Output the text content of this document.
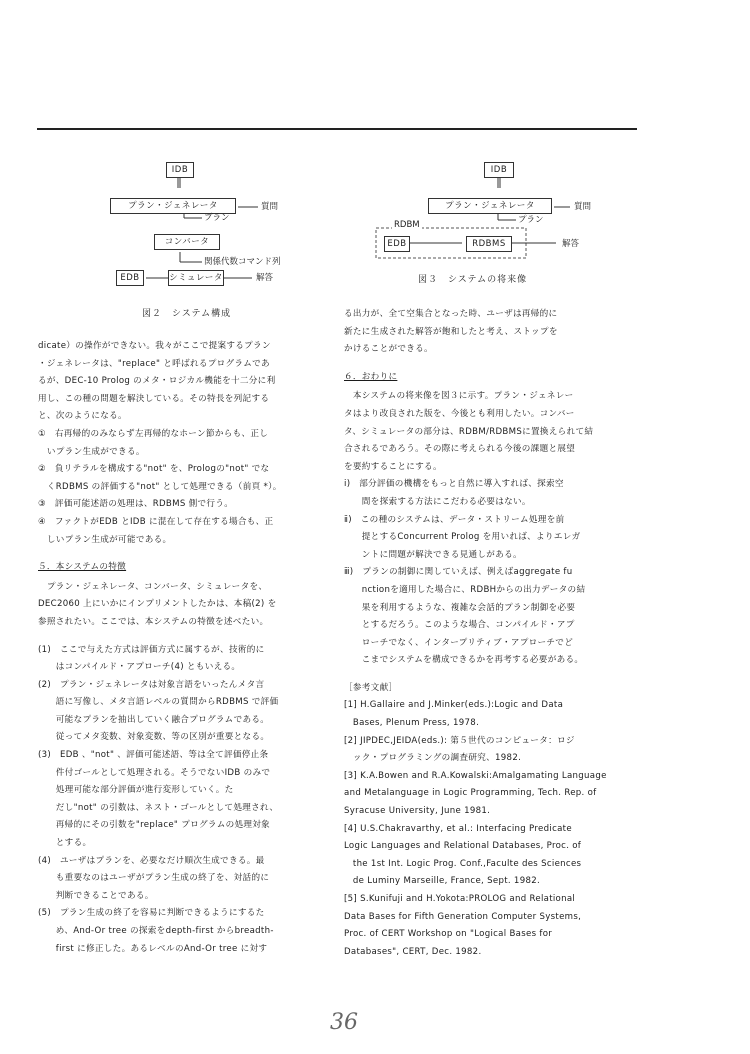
IDB
プラン・ジェネレータ	質問
プラン
コンバータ
関係代数コマンド列
EDB	シミュレータ	解答
図２　システム構成
IDB
プラン・ジェネレータ	質問
RDBM	プラン
EDB	RDBMS	解答
図３　システムの将来像

dicate）の操作ができない。我々がここで提案するプラン

・ジェネレータは、"replace" と呼ばれるプログラムであ

るが、DEC-10 Prolog のメタ・ロジカル機能を十二分に利

用し、この種の問題を解決している。その特長を列記する

と、次のようになる。

①　右再帰的のみならず左再帰的なホーン節からも、正し

　いプラン生成ができる。

②　負リテラルを構成する"not" を、Prologの"not" でな

　くRDBMS の評価する"not" として処理できる（前頁 *）。

③　評価可能述語の処理は、RDBMS 側で行う。

④　ファクトがEDB とIDB に混在して存在する場合も、正

　しいプラン生成が可能である。

５．本システムの特徴

　プラン・ジェネレータ、コンバータ、シミュレータを、

DEC2060 上にいかにインプリメントしたかは、本稿(2) を

参照されたい。ここでは、本システムの特徴を述べたい。

(1)　ここで与えた方式は評価方式に属するが、技術的に

　　はコンパイルド・アプローチ(4) ともいえる。

(2)　プラン・ジェネレータは対象言語をいったんメタ言

　　語に写像し、メタ言語レベルの質問からRDBMS で評価

　　可能なプランを抽出していく融合プログラムである。

　　従ってメタ変数、対象変数、等の区別が重要となる。

(3)　EDB 、"not" 、評価可能述語、等は全て評価停止条

　　件付ゴールとして処理される。そうでないIDB のみで

　　処理可能な部分評価が進行変形していく。た

　　だし"not" の引数は、ネスト・ゴールとして処理され、

　　再帰的にその引数を"replace" プログラムの処理対象

　　とする。

(4)　ユーザはプランを、必要なだけ順次生成できる。最

　　も重要なのはユーザがプラン生成の終了を、対話的に

　　判断できることである。

(5)　プラン生成の終了を容易に判断できるようにするた

　　め、And-Or tree の探索をdepth-first からbreadth-

　　first に修正した。あるレベルのAnd-Or tree に対す

る出力が、全て空集合となった時、ユーザは再帰的に

新たに生成された解答が飽和したと考え、ストップを

かけることができる。

６．おわりに

　本システムの将来像を図３に示す。プラン・ジェネレー

タはより改良された版を、今後とも利用したい。コンバー

タ、シミュレータの部分は、RDBM/RDBMSに置換えられて結

合されるであろう。その際に考えられる今後の課題と展望

を要約することにする。

ⅰ)　部分評価の機構をもっと自然に導入すれば、探索空

　　間を探索する方法にこだわる必要はない。

ⅱ)　この種のシステムは、データ・ストリーム処理を前

　　提とするConcurrent Prolog を用いれば、よりエレガ

　　ントに問題が解決できる見通しがある。

ⅲ)　プランの制御に関していえば、例えばaggregate fu

　　nctionを適用した場合に、RDBHからの出力データの結

　　果を利用するような、複雑な会話的プラン制御を必要

　　とするだろう。このような場合、コンパイルド・アプ

　　ローチでなく、インタープリティブ・アプローチでど

　　こまでシステムを構成できるかを再考する必要がある。

［参考文献］

[1] H.Gallaire and J.Minker(eds.):Logic and Data

　Bases, Plenum Press, 1978.

[2] JIPDEC,JEIDA(eds.): 第５世代のコンピュータ：ロジ

　ック・プログラミングの調査研究、1982.

[3] K.A.Bowen and R.A.Kowalski:Amalgamating Language

and Metalanguage in Logic Programming, Tech. Rep. of

Syracuse University, June 1981.

[4] U.S.Chakravarthy, et al.: Interfacing Predicate

Logic Languages and Relational Databases, Proc. of

　the 1st Int. Logic Prog. Conf.,Faculte des Sciences

　de Luminy Marseille, France, Sept. 1982.

[5] S.Kunifuji and H.Yokota:PROLOG and Relational

Data Bases for Fifth Generation Computer Systems,

Proc. of CERT Workshop on "Logical Bases for

Databases", CERT, Dec. 1982.

36
